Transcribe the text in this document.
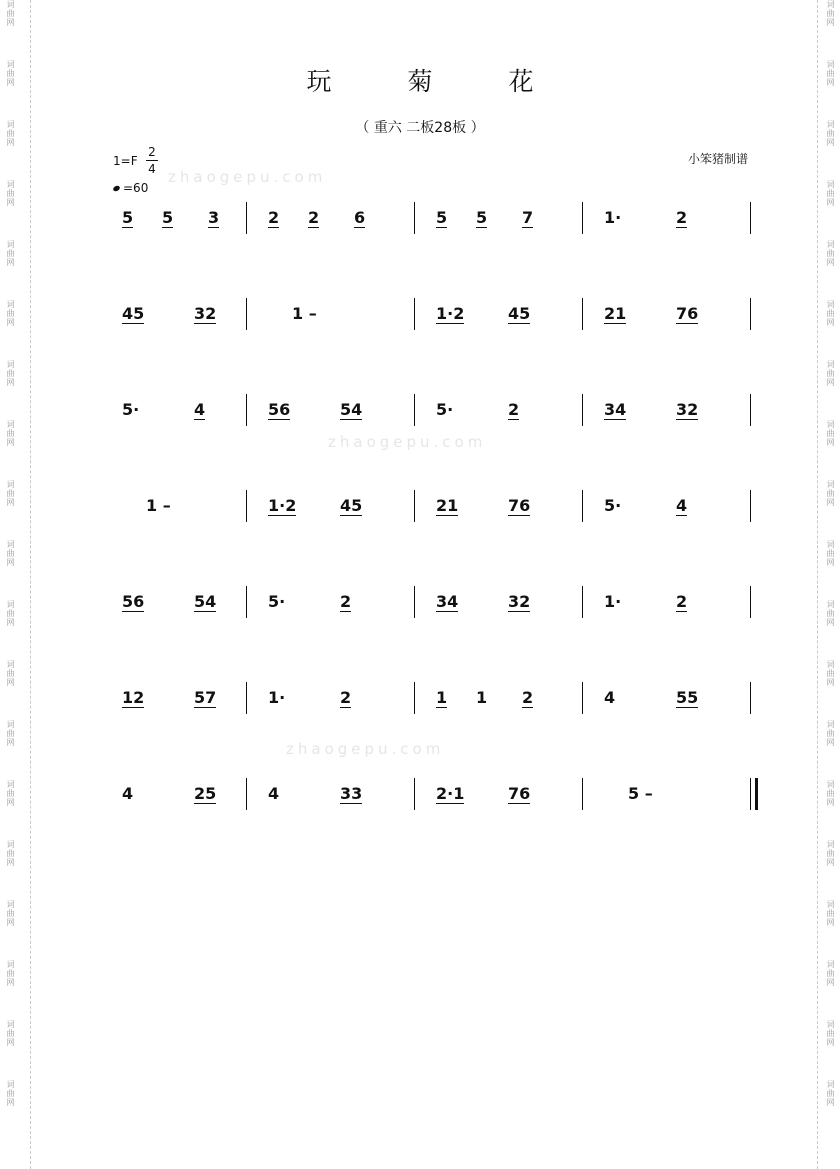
词曲网	词曲网
词曲网	词曲网
词曲网	词曲网
词曲网	词曲网
词曲网	词曲网
词曲网	词曲网
词曲网	词曲网
词曲网	词曲网
词曲网	词曲网
词曲网	词曲网
词曲网	词曲网
词曲网	词曲网
词曲网	词曲网
词曲网	词曲网
词曲网	词曲网
词曲网	词曲网
词曲网	词曲网
词曲网	词曲网
词曲网	词曲网
玩 菊 花
（ 重六 二板28板 ）
1=F
2
4
=60
小笨猪制谱
zhaogepu.com
zhaogepu.com
zhaogepu.com
5 5 3	2 2 6	5 5 7	1·	2
45	32	1 –	1·2	45	21	76
5·	4	56	54	5·	2	34	32
1 –	1·2	45	21	76	5·	4
56	54	5·	2	34	32	1·	2
12	57	1·	2	1 1 2	4	55
4	25	4	33	2·1	76	5 –
